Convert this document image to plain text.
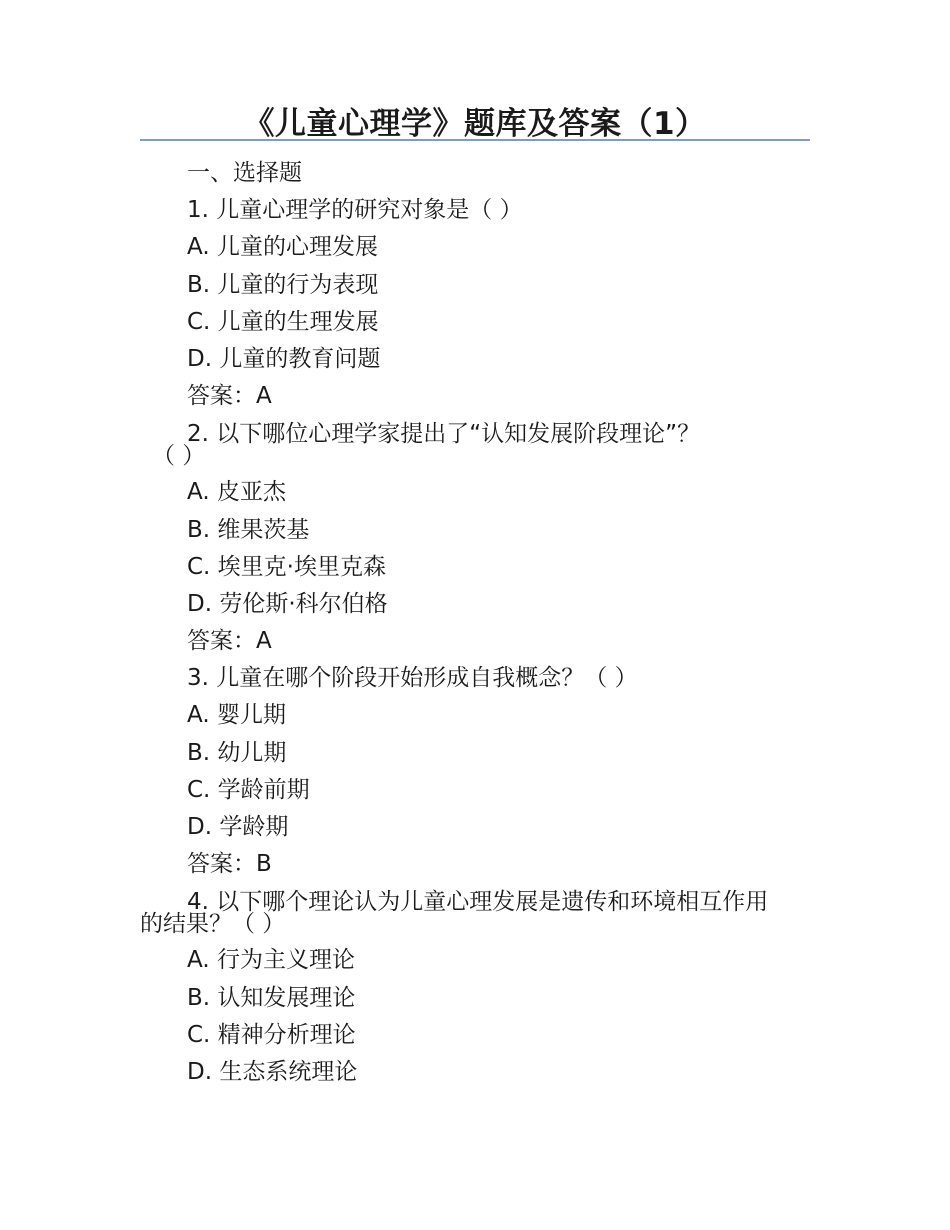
《儿童心理学》题库及答案（1）
一、选择题
1. 儿童心理学的研究对象是（ ）
A. 儿童的心理发展
B. 儿童的行为表现
C. 儿童的生理发展
D. 儿童的教育问题
答案：A
2. 以下哪位心理学家提出了“认知发展阶段理论”？
（ ）
A. 皮亚杰
B. 维果茨基
C. 埃里克·埃里克森
D. 劳伦斯·科尔伯格
答案：A
3. 儿童在哪个阶段开始形成自我概念？（ ）
A. 婴儿期
B. 幼儿期
C. 学龄前期
D. 学龄期
答案：B
4. 以下哪个理论认为儿童心理发展是遗传和环境相互作用
的结果？（ ）
A. 行为主义理论
B. 认知发展理论
C. 精神分析理论
D. 生态系统理论
